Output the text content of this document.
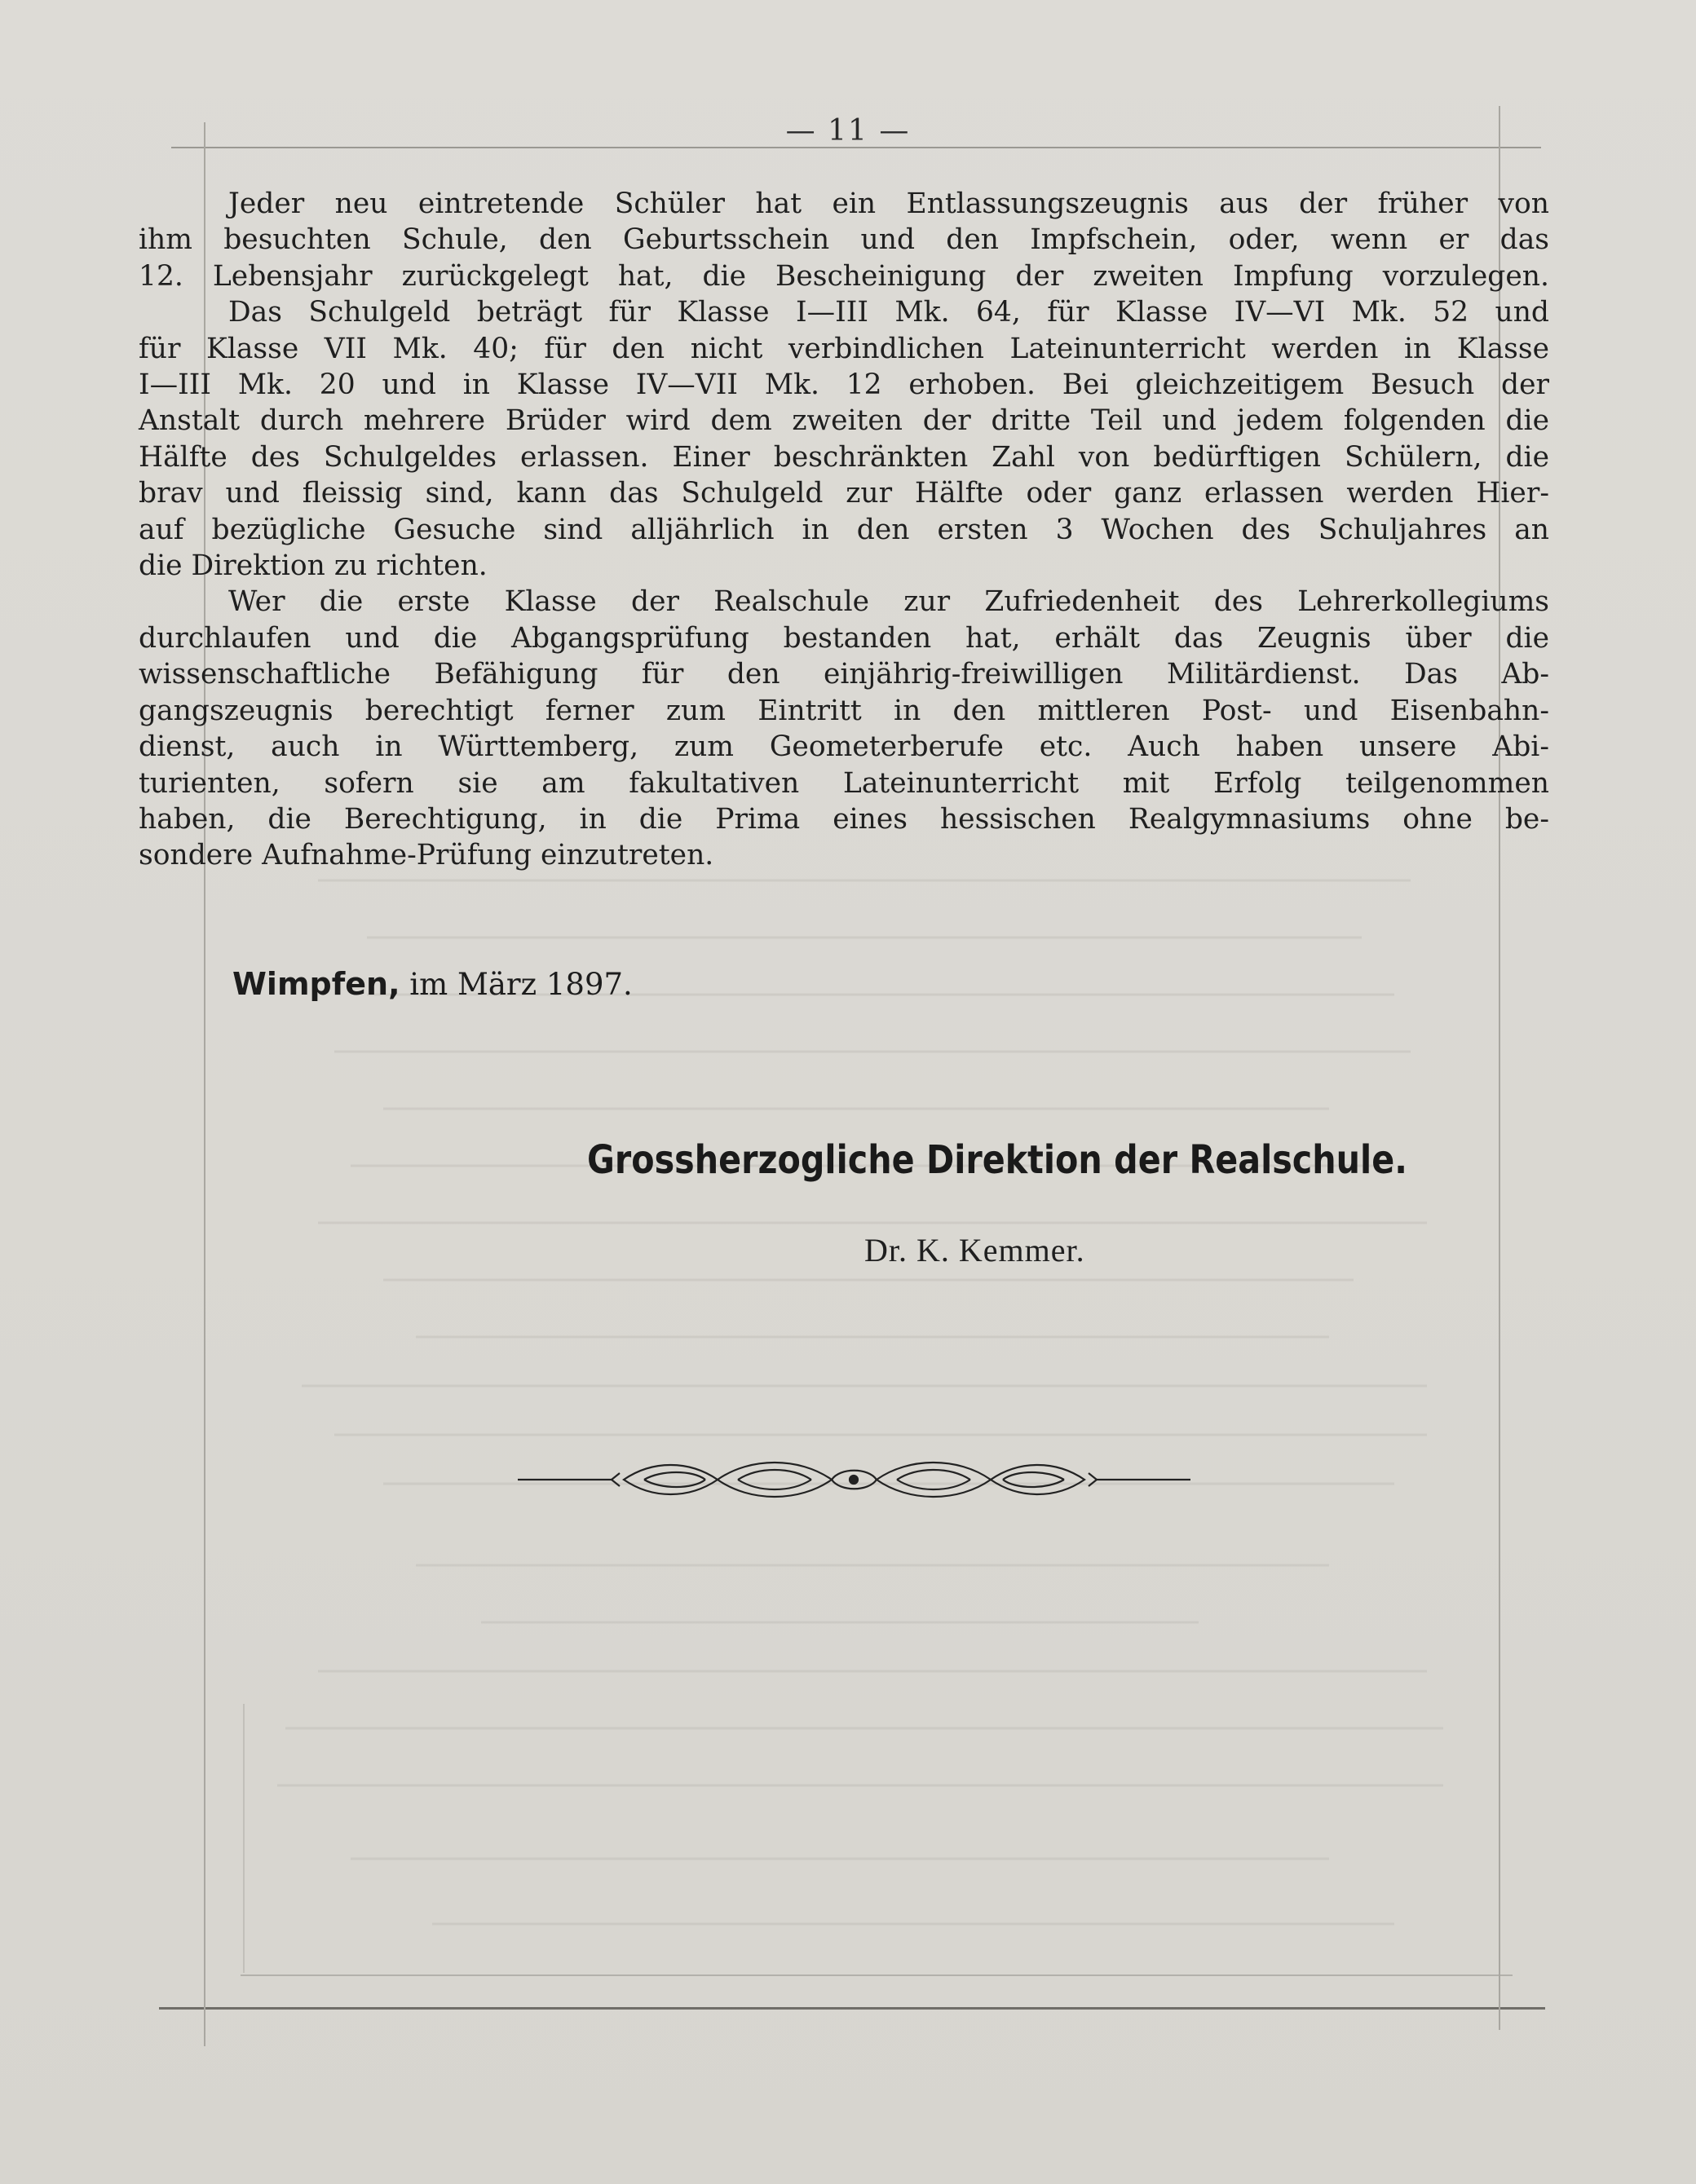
— 11 —
Jeder neu eintretende Schüler hat ein Entlassungszeugnis aus der früher von
ihm besuchten Schule, den Geburtsschein und den Impfschein, oder, wenn er das
12. Lebensjahr zurückgelegt hat, die Bescheinigung der zweiten Impfung vorzulegen.
Das Schulgeld beträgt für Klasse I—III Mk. 64, für Klasse IV—VI Mk. 52 und
für Klasse VII Mk. 40; für den nicht verbindlichen Lateinunterricht werden in Klasse
I—III Mk. 20 und in Klasse IV—VII Mk. 12 erhoben. Bei gleichzeitigem Besuch der
Anstalt durch mehrere Brüder wird dem zweiten der dritte Teil und jedem folgenden die
Hälfte des Schulgeldes erlassen. Einer beschränkten Zahl von bedürftigen Schülern, die
brav und fleissig sind, kann das Schulgeld zur Hälfte oder ganz erlassen werden Hier-
auf bezügliche Gesuche sind alljährlich in den ersten 3 Wochen des Schuljahres an
die Direktion zu richten.
Wer die erste Klasse der Realschule zur Zufriedenheit des Lehrerkollegiums
durchlaufen und die Abgangsprüfung bestanden hat, erhält das Zeugnis über die
wissenschaftliche Befähigung für den einjährig-freiwilligen Militärdienst. Das Ab-
gangszeugnis berechtigt ferner zum Eintritt in den mittleren Post- und Eisenbahn-
dienst, auch in Württemberg, zum Geometerberufe etc. Auch haben unsere Abi-
turienten, sofern sie am fakultativen Lateinunterricht mit Erfolg teilgenommen
haben, die Berechtigung, in die Prima eines hessischen Realgymnasiums ohne be-
sondere Aufnahme-Prüfung einzutreten.
Wimpfen, im März 1897.
Grossherzogliche Direktion der Realschule.
Dr. K. Kemmer.
